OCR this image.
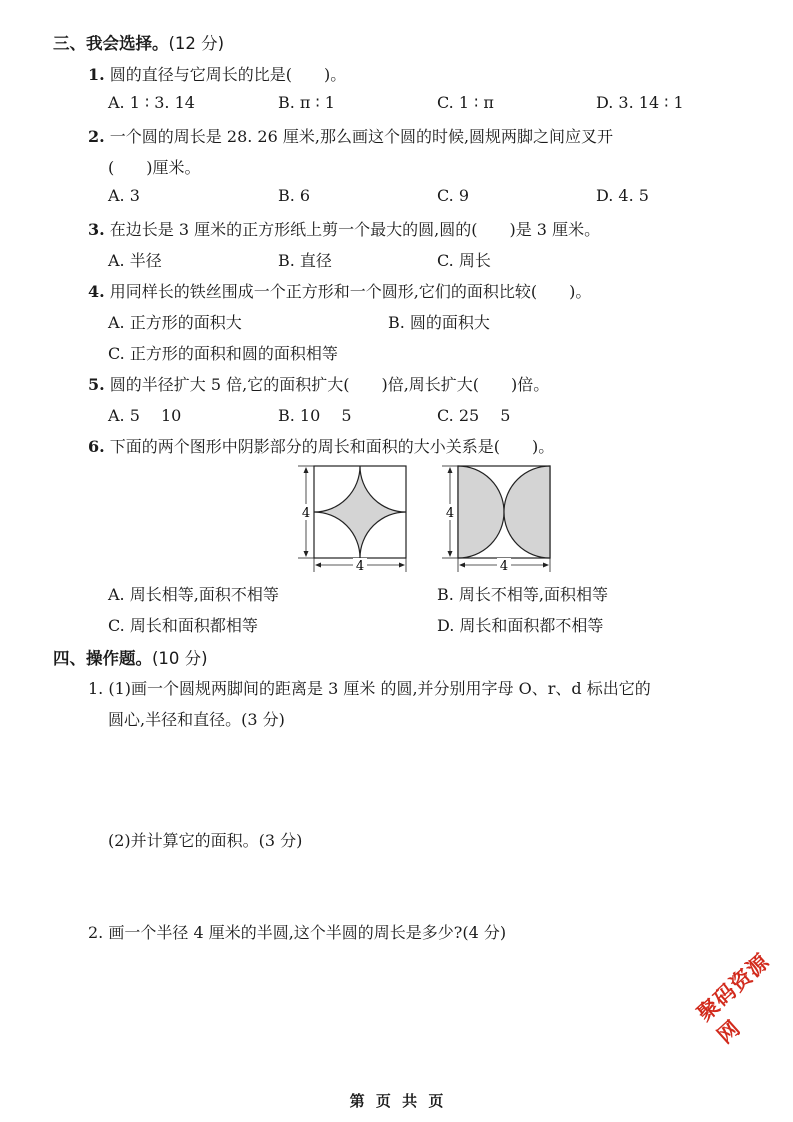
三、我会选择。(12 分)
1. 圆的直径与它周长的比是(　　)。
A. 1 ∶ 3. 14	B. π ∶ 1	C. 1 ∶ π	D. 3. 14 ∶ 1
2. 一个圆的周长是 28. 26 厘米,那么画这个圆的时候,圆规两脚之间应叉开
(　　)厘米。
A. 3	B. 6	C. 9	D. 4. 5
3. 在边长是 3 厘米的正方形纸上剪一个最大的圆,圆的(　　)是 3 厘米。
A. 半径	B. 直径	C. 周长
4. 用同样长的铁丝围成一个正方形和一个圆形,它们的面积比较(　　)。
A. 正方形的面积大	B. 圆的面积大
C. 正方形的面积和圆的面积相等
5. 圆的半径扩大 5 倍,它的面积扩大(　　)倍,周长扩大(　　)倍。
A. 5　 10	B. 10　 5	C. 25　 5
6. 下面的两个图形中阴影部分的周长和面积的大小关系是(　　)。
4
4
4
4
A. 周长相等,面积不相等	B. 周长不相等,面积相等
C. 周长和面积都相等	D. 周长和面积都不相等
四、操作题。(10 分)
1. (1)画一个圆规两脚间的距离是 3 厘米 的圆,并分别用字母 O、r、d 标出它的
圆心,半径和直径。(3 分)
(2)并计算它的面积。(3 分)
2. 画一个半径 4 厘米的半圆,这个半圆的周长是多少?(4 分)
聚码资源网
第 页 共 页
